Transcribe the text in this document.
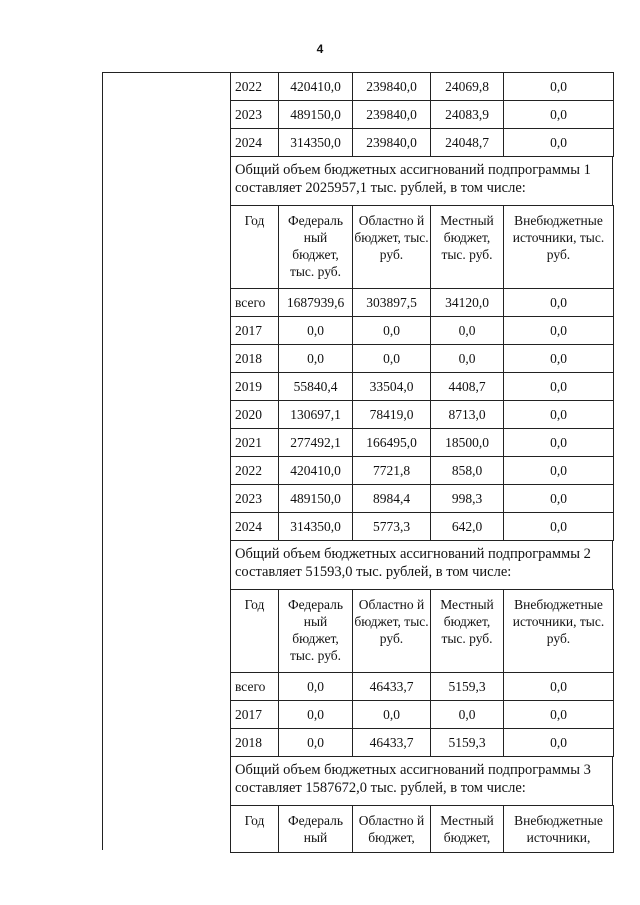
4
2022	420410,0	239840,0	24069,8	0,0
2023	489150,0	239840,0	24083,9	0,0
2024	314350,0	239840,0	24048,7	0,0
Общий объем бюджетных ассигнований подпрограммы 1 составляет 2025957,1 тыс. рублей, в том числе:
Год	Федераль ный бюджет, тыс. руб.	Областно й бюджет, тыс. руб.	Местный бюджет, тыс. руб.	Внебюджетные источники, тыс. руб.
всего	1687939,6	303897,5	34120,0	0,0
2017	0,0	0,0	0,0	0,0
2018	0,0	0,0	0,0	0,0
2019	55840,4	33504,0	4408,7	0,0
2020	130697,1	78419,0	8713,0	0,0
2021	277492,1	166495,0	18500,0	0,0
2022	420410,0	7721,8	858,0	0,0
2023	489150,0	8984,4	998,3	0,0
2024	314350,0	5773,3	642,0	0,0
Общий объем бюджетных ассигнований подпрограммы 2 составляет 51593,0 тыс. рублей, в том числе:
Год	Федераль ный бюджет, тыс. руб.	Областно й бюджет, тыс. руб.	Местный бюджет, тыс. руб.	Внебюджетные источники, тыс. руб.
всего	0,0	46433,7	5159,3	0,0
2017	0,0	0,0	0,0	0,0
2018	0,0	46433,7	5159,3	0,0
Общий объем бюджетных ассигнований подпрограммы 3 составляет 1587672,0 тыс. рублей, в том числе:
Год	Федераль ный	Областно й бюджет,	Местный бюджет,	Внебюджетные источники,
